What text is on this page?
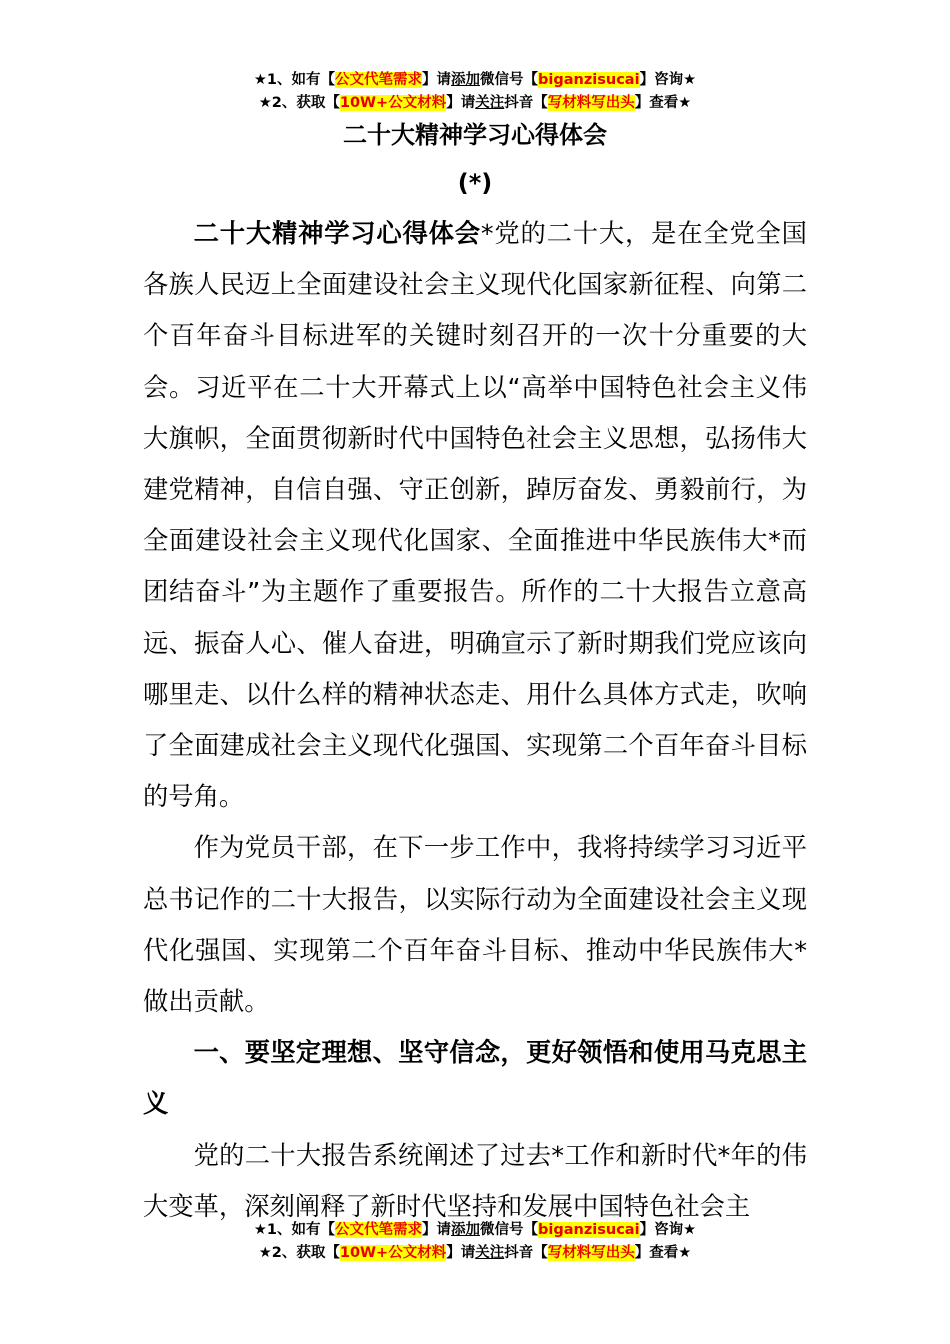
★1、如有【公文代笔需求】请添加微信号【biganzisucai】咨询★
★2、获取【10W+公文材料】请关注抖音【写材料写出头】查看★
二十大精神学习心得体会
(*)

二十大精神学习心得体会*党的二十大，是在全党全国各族人民迈上全面建设社会主义现代化国家新征程、向第二个百年奋斗目标进军的关键时刻召开的一次十分重要的大会。习近平在二十大开幕式上以“高举中国特色社会主义伟大旗帜，全面贯彻新时代中国特色社会主义思想，弘扬伟大建党精神，自信自强、守正创新，踔厉奋发、勇毅前行，为全面建设社会主义现代化国家、全面推进中华民族伟大*而团结奋斗”为主题作了重要报告。所作的二十大报告立意高远、振奋人心、催人奋进，明确宣示了新时期我们党应该向哪里走、以什么样的精神状态走、用什么具体方式走，吹响了全面建成社会主义现代化强国、实现第二个百年奋斗目标的号角。

作为党员干部，在下一步工作中，我将持续学习习近平总书记作的二十大报告，以实际行动为全面建设社会主义现代化强国、实现第二个百年奋斗目标、推动中华民族伟大*做出贡献。

一、要坚定理想、坚守信念，更好领悟和使用马克思主义

党的二十大报告系统阐述了过去*工作和新时代*年的伟大变革，深刻阐释了新时代坚持和发展中国特色社会主

★1、如有【公文代笔需求】请添加微信号【biganzisucai】咨询★
★2、获取【10W+公文材料】请关注抖音【写材料写出头】查看★
